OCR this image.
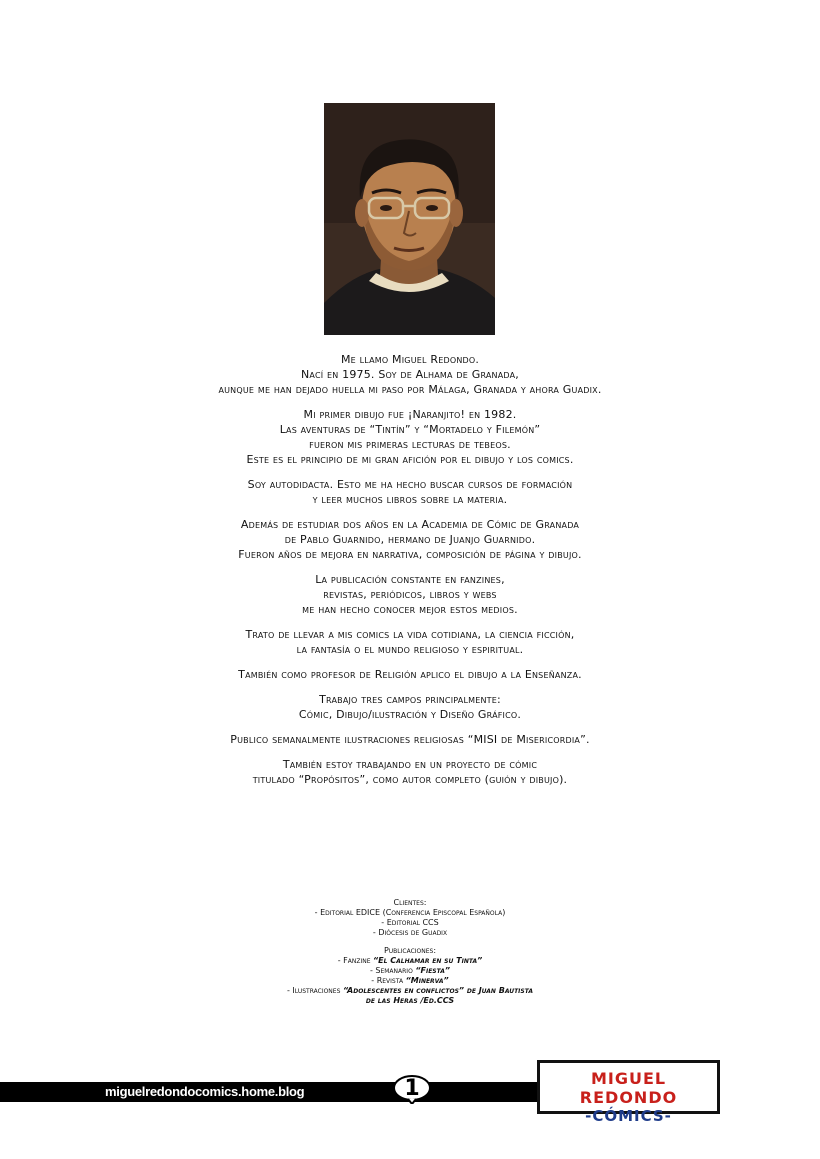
Me llamo Miguel Redondo.
Nací en 1975. Soy de Alhama de Granada,
aunque me han dejado huella mi paso por Málaga, Granada y ahora Guadix.

Mi primer dibujo fue ¡Naranjito! en 1982.
Las aventuras de “Tintín” y “Mortadelo y Filemón”
fueron mis primeras lecturas de tebeos.
Este es el principio de mi gran afición por el dibujo y los comics.

Soy autodidacta. Esto me ha hecho buscar cursos de formación
y leer muchos libros sobre la materia.

Además de estudiar dos años en la Academia de Cómic de Granada
de Pablo Guarnido, hermano de Juanjo Guarnido.
Fueron años de mejora en narrativa, composición de página y dibujo.

La publicación constante en fanzines,
revistas, periódicos, libros y webs
me han hecho conocer mejor estos medios.

Trato de llevar a mis comics la vida cotidiana, la ciencia ficción,
la fantasía o el mundo religioso y espiritual.

También como profesor de Religión aplico el dibujo a la Enseñanza.

Trabajo tres campos principalmente:
Cómic, Dibujo/ilustración y Diseño Gráfico.

Publico semanalmente ilustraciones religiosas “MISI de Misericordia”.

También estoy trabajando en un proyecto de cómic
titulado “Propósitos”, como autor completo (guión y dibujo).

Clientes:
- Editorial EDICE (Conferencia Episcopal Española)
- Editorial CCS
- Diócesis de Guadix
Publicaciones:
- Fanzine “El Calhamar en su Tinta”
- Semanario “Fiesta”
- Revista “Minerva”
- Ilustraciones “Adolescentes en conflictos” de Juan Bautista
de las Heras /Ed.CCS
miguelredondocomics.home.blog	1	MIGUEL REDONDO
-CÓMICS-
